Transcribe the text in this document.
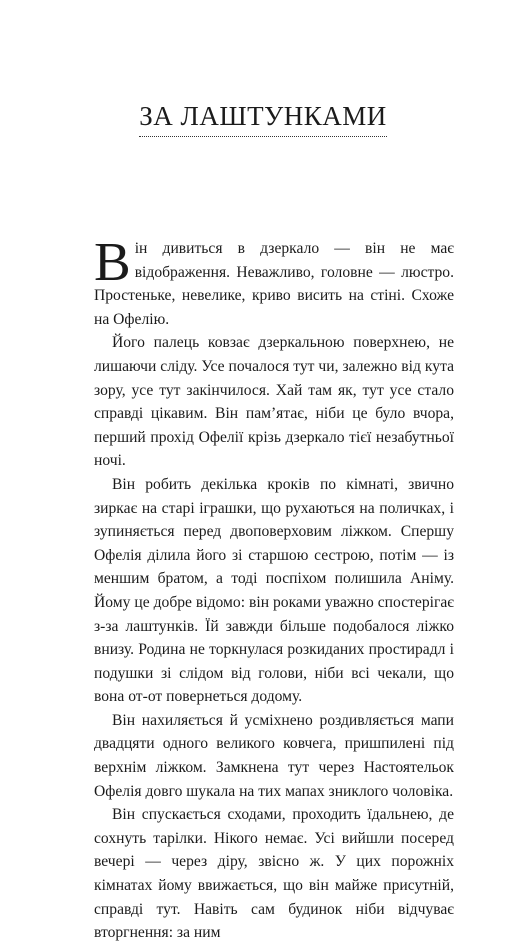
ЗА ЛАШТУНКАМИ

Він дивиться в дзеркало — він не має відображення. Неважливо, головне — люстро. Простеньке, невелике, криво висить на стіні. Схоже на Офелію.

Його палець ковзає дзеркальною поверхнею, не лишаючи сліду. Усе почалося тут чи, залежно від кута зору, усе тут закінчилося. Хай там як, тут усе стало справді цікавим. Він пам’ятає, ніби це було вчора, перший прохід Офелії крізь дзеркало тієї незабутньої ночі.

Він робить декілька кроків по кімнаті, звично зиркає на старі іграшки, що рухаються на поличках, і зупиняється перед двоповерховим ліжком. Спершу Офелія ділила його зі старшою сестрою, потім — із меншим братом, а тоді поспіхом полишила Аніму. Йому це добре відомо: він роками уважно спостерігає з-за лаштунків. Їй завжди більше подобалося ліжко внизу. Родина не торкнулася розкиданих простирадл і подушки зі слідом від голови, ніби всі чекали, що вона от-от повернеться додому.

Він нахиляється й усміхнено роздивляється мапи двадцяти одного великого ковчега, пришпилені під верхнім ліжком. Замкнена тут через Настоятельок Офелія довго шукала на тих мапах зниклого чоловіка.

Він спускається сходами, проходить їдальнею, де сохнуть тарілки. Нікого немає. Усі вийшли посеред вечері — через діру, звісно ж. У цих порожніх кімнатах йому ввижається, що він майже присутній, справді тут. Навіть сам будинок ніби відчуває вторгнення: за ним
